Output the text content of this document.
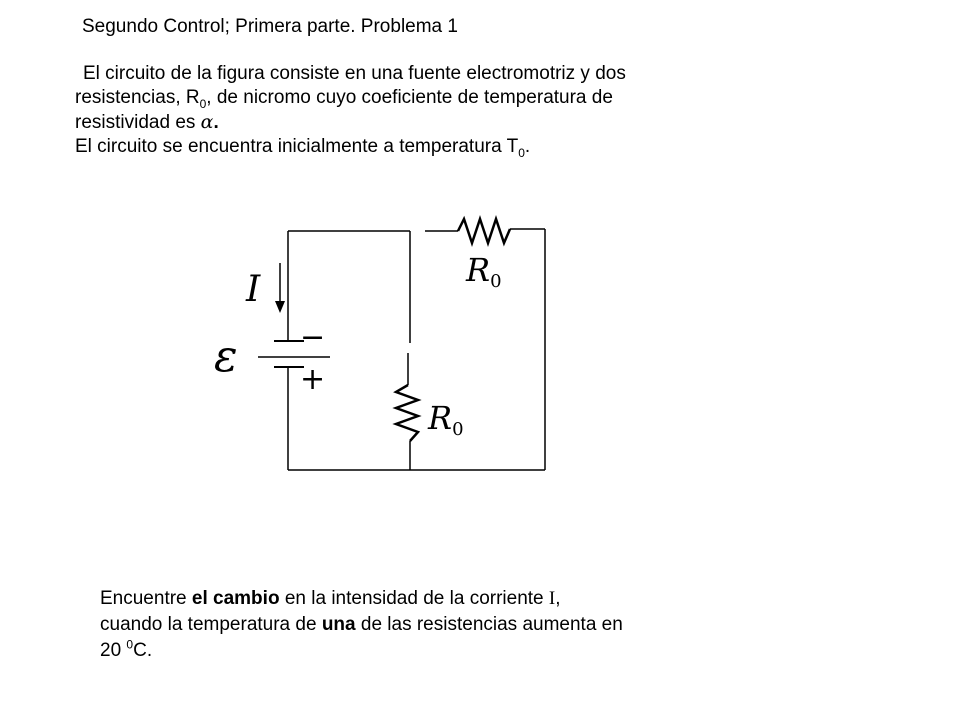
Segundo Control; Primera parte. Problema 1
El circuito de la figura consiste en una fuente electromotriz y dos
resistencias, $R_0$, de nicromo cuyo coeficiente de temperatura de
resistividad es α.
El circuito se encuentra inicialmente a temperatura $T_0$.
I
ε −
+
R0
R0
Encuentre el cambio en la intensidad de la corriente I,
cuando la temperatura de una de las resistencias aumenta en
20 $^0$C.
